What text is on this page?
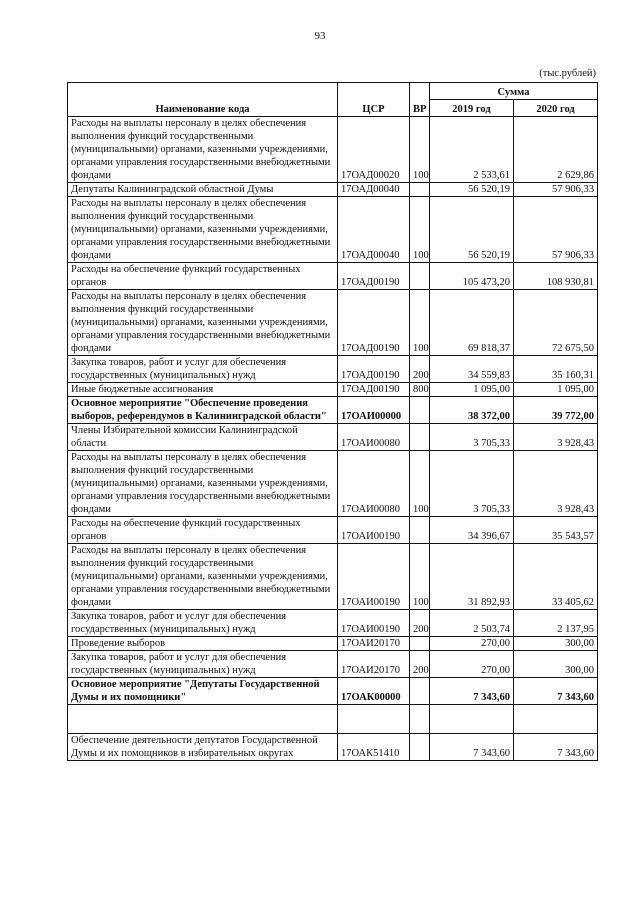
93
(тыс.рублей)
Наименование кода	ЦСР	ВР	Сумма	
			2019 год	2020 год
Расходы на выплаты персоналу в целях обеспечения выполнения функций государственными (муниципальными) органами, казенными учреждениями, органами управления государственными внебюджетными фондами	17ОАД00020	100	2 533,61	2 629,86
Депутаты Калининградской областной Думы	17ОАД00040		56 520,19	57 906,33
Расходы на выплаты персоналу в целях обеспечения выполнения функций государственными (муниципальными) органами, казенными учреждениями, органами управления государственными внебюджетными фондами	17ОАД00040	100	56 520,19	57 906,33
Расходы на обеспечение функций государственных органов	17ОАД00190		105 473,20	108 930,81
Расходы на выплаты персоналу в целях обеспечения выполнения функций государственными (муниципальными) органами, казенными учреждениями, органами управления государственными внебюджетными фондами	17ОАД00190	100	69 818,37	72 675,50
Закупка товаров, работ и услуг для обеспечения государственных (муниципальных) нужд	17ОАД00190	200	34 559,83	35 160,31
Иные бюджетные ассигнования	17ОАД00190	800	1 095,00	1 095,00
Основное мероприятие "Обеспечение проведения выборов, референдумов в Калининградской области"	17ОАИ00000		38 372,00	39 772,00
Члены Избирательной комиссии Калининградской области	17ОАИ00080		3 705,33	3 928,43
Расходы на выплаты персоналу в целях обеспечения выполнения функций государственными (муниципальными) органами, казенными учреждениями, органами управления государственными внебюджетными фондами	17ОАИ00080	100	3 705,33	3 928,43
Расходы на обеспечение функций государственных органов	17ОАИ00190		34 396,67	35 543,57
Расходы на выплаты персоналу в целях обеспечения выполнения функций государственными (муниципальными) органами, казенными учреждениями, органами управления государственными внебюджетными фондами	17ОАИ00190	100	31 892,93	33 405,62
Закупка товаров, работ и услуг для обеспечения государственных (муниципальных) нужд	17ОАИ00190	200	2 503,74	2 137,95
Проведение выборов	17ОАИ20170		270,00	300,00
Закупка товаров, работ и услуг для обеспечения государственных (муниципальных) нужд	17ОАИ20170	200	270,00	300,00
Основное мероприятие "Депутаты Государственной Думы и их помощники"	17ОАК00000		7 343,60	7 343,60

Обеспечение деятельности депутатов Государственной Думы и их помощников в избирательных округах	17ОАК51410		7 343,60	7 343,60
